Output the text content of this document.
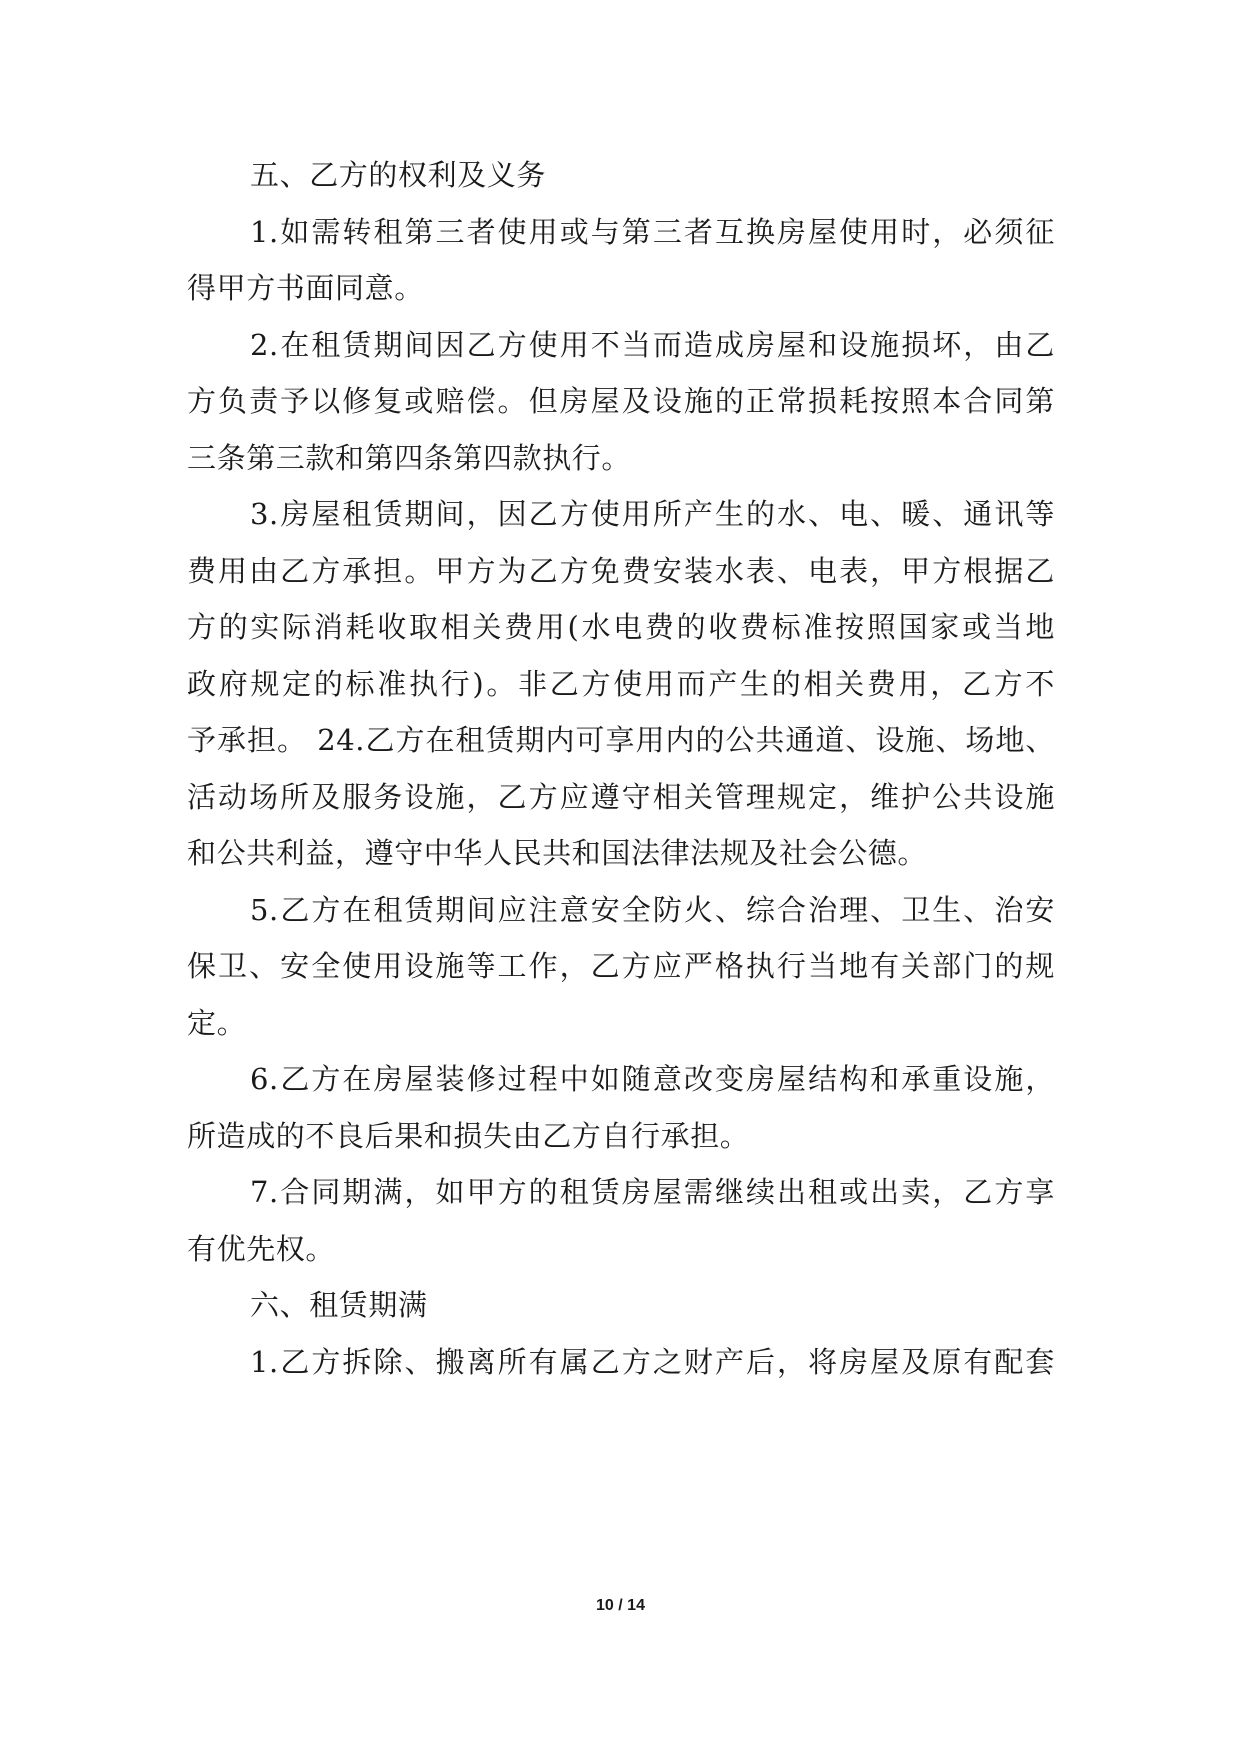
五、乙方的权利及义务
1.如需转租第三者使用或与第三者互换房屋使用时，必须征
得甲方书面同意。
2.在租赁期间因乙方使用不当而造成房屋和设施损坏，由乙
方负责予以修复或赔偿。但房屋及设施的正常损耗按照本合同第
三条第三款和第四条第四款执行。
3.房屋租赁期间，因乙方使用所产生的水、电、暖、通讯等
费用由乙方承担。甲方为乙方免费安装水表、电表，甲方根据乙
方的实际消耗收取相关费用(水电费的收费标准按照国家或当地
政府规定的标准执行)。非乙方使用而产生的相关费用，乙方不
予承担。 24.乙方在租赁期内可享用内的公共通道、设施、场地、
活动场所及服务设施，乙方应遵守相关管理规定，维护公共设施
和公共利益，遵守中华人民共和国法律法规及社会公德。
5.乙方在租赁期间应注意安全防火、综合治理、卫生、治安
保卫、安全使用设施等工作，乙方应严格执行当地有关部门的规
定。
6.乙方在房屋装修过程中如随意改变房屋结构和承重设施，
所造成的不良后果和损失由乙方自行承担。
7.合同期满，如甲方的租赁房屋需继续出租或出卖，乙方享
有优先权。
六、租赁期满
1.乙方拆除、搬离所有属乙方之财产后，将房屋及原有配套
10 / 14
